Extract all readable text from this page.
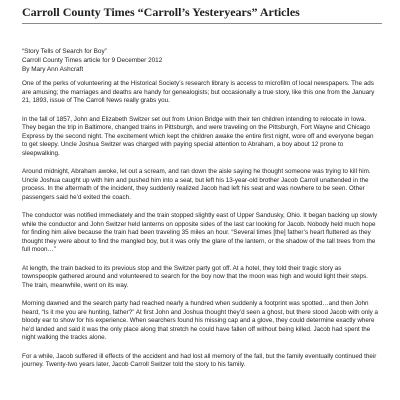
Carroll County Times “Carroll’s Yesteryears” Articles
“Story Tells of Search for Boy”
Carroll County Times article for 9 December 2012
By Mary Ann Ashcraft

One of the perks of volunteering at the Historical Society’s research library is access to microfilm of local newspapers. The ads are amusing; the marriages and deaths are handy for genealogists; but occasionally a true story, like this one from the January 21, 1893, issue of The Carroll News really grabs you.

In the fall of 1857, John and Elizabeth Switzer set out from Union Bridge with their ten children intending to relocate in Iowa. They began the trip in Baltimore, changed trains in Pittsburgh, and were traveling on the Pittsburgh, Fort Wayne and Chicago Express by the second night. The excitement which kept the children awake the entire first night, wore off and everyone began to get sleepy. Uncle Joshua Switzer was charged with paying special attention to Abraham, a boy about 12 prone to sleepwalking.

Around midnight, Abraham awoke, let out a scream, and ran down the aisle saying he thought someone was trying to kill him. Uncle Joshua caught up with him and pushed him into a seat, but left his 13-year-old brother Jacob Carroll unattended in the process. In the aftermath of the incident, they suddenly realized Jacob had left his seat and was nowhere to be seen. Other passengers said he’d exited the coach.

The conductor was notified immediately and the train stopped slightly east of Upper Sandusky, Ohio. It began backing up slowly while the conductor and John Switzer held lanterns on opposite sides of the last car looking for Jacob. Nobody held much hope for finding him alive because the train had been traveling 35 miles an hour. “Several times [the] father’s heart fluttered as they thought they were about to find the mangled boy, but it was only the glare of the lantern, or the shadow of the tall trees from the full moon…”

At length, the train backed to its previous stop and the Switzer party got off. At a hotel, they told their tragic story as townspeople gathered around and volunteered to search for the boy now that the moon was high and would light their steps. The train, meanwhile, went on its way.

Morning dawned and the search party had reached nearly a hundred when suddenly a footprint was spotted…and then John heard, “Is it me you are hunting, father?” At first John and Joshua thought they’d seen a ghost, but there stood Jacob with only a bloody ear to show for his experience. When searchers found his missing cap and a glove, they could determine exactly where he’d landed and said it was the only place along that stretch he could have fallen off without being killed. Jacob had spent the night walking the tracks alone.

For a while, Jacob suffered ill effects of the accident and had lost all memory of the fall, but the family eventually continued their journey. Twenty-two years later, Jacob Carroll Switzer told the story to his family.
